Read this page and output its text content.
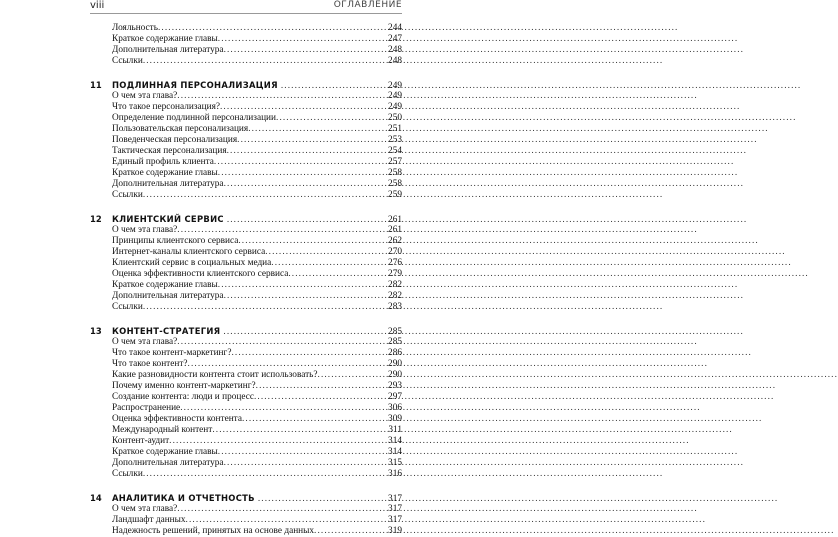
viii	ОГЛАВЛЕНИЕ
Лояльность .....	244
Краткое содержание главы .....	247
Дополнительная литература .....	248
Ссылки .....	248
11	ПОДЛИННАЯ ПЕРСОНАЛИЗАЦИЯ .....	249
О чем эта глава? .....	249
Что такое персонализация? .....	249
Определение подлинной персонализации .....	250
Пользовательская персонализация .....	251
Поведенческая персонализация .....	253
Тактическая персонализация .....	254
Единый профиль клиента .....	257
Краткое содержание главы .....	258
Дополнительная литература .....	258
Ссылки .....	259
12	КЛИЕНТСКИЙ СЕРВИС .....	261
О чем эта глава? .....	261
Принципы клиентского сервиса .....	262
Интернет-каналы клиентского сервиса .....	270
Клиентский сервис в социальных медиа .....	276
Оценка эффективности клиентского сервиса .....	279
Краткое содержание главы .....	282
Дополнительная литература .....	282
Ссылки .....	283
13	КОНТЕНТ-СТРАТЕГИЯ .....	285
О чем эта глава? .....	285
Что такое контент-маркетинг? .....	286
Что такое контент? .....	290
Какие разновидности контента стоит использовать? .....	290
Почему именно контент-маркетинг? .....	293
Создание контента: люди и процесс .....	297
Распространение .....	306
Оценка эффективности контента .....	309
Международный контент .....	311
Контент-аудит .....	314
Краткое содержание главы .....	314
Дополнительная литература .....	315
Ссылки .....	316
14	АНАЛИТИКА И ОТЧЕТНОСТЬ .....	317
О чем эта глава? .....	317
Ландшафт данных .....	317
Надежность решений, принятых на основе данных .....	319
